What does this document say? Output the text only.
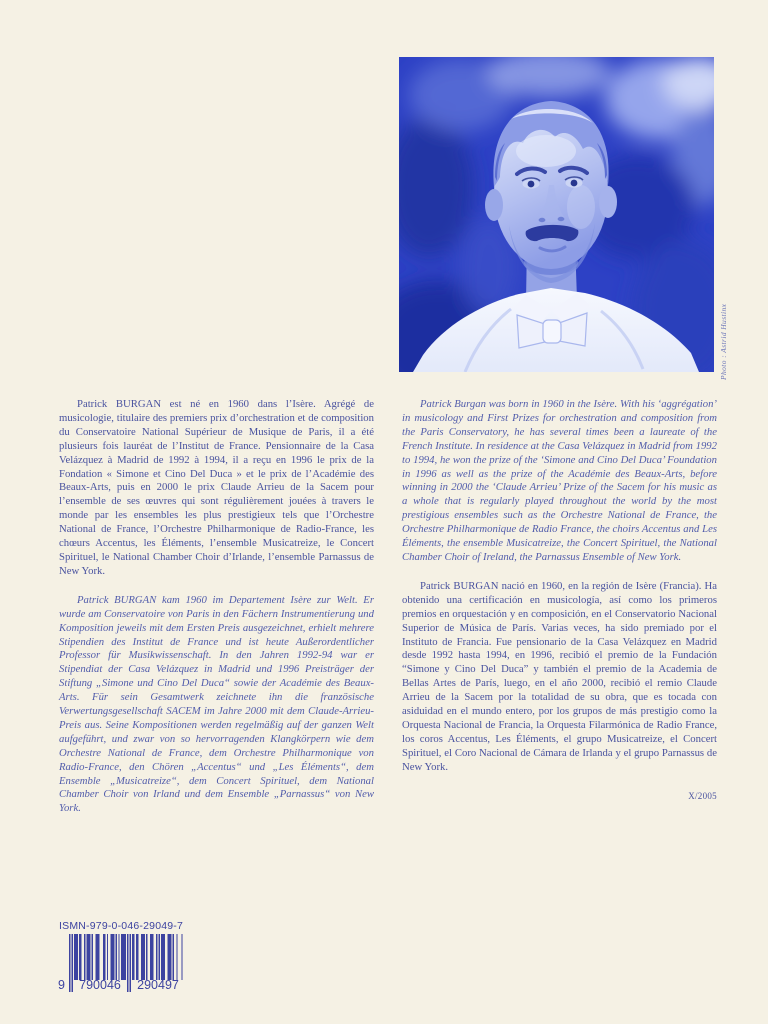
Photo : Astrid Hustinx

Patrick BURGAN est né en 1960 dans l’Isère. Agrégé de musicologie, titulaire des premiers prix d’orchestration et de composition du Conservatoire National Supérieur de Musique de Paris, il a été plusieurs fois lauréat de l’Institut de France. Pensionnaire de la Casa Velázquez à Madrid de 1992 à 1994, il a reçu en 1996 le prix de la Fondation « Simone et Cino Del Duca » et le prix de l’Académie des Beaux-Arts, puis en 2000 le prix Claude Arrieu de la Sacem pour l’ensemble de ses œuvres qui sont régulièrement jouées à travers le monde par les ensembles les plus prestigieux tels que l’Orchestre National de France, l’Orchestre Philharmonique de Radio-France, les chœurs Accentus, les Éléments, l’ensemble Musicatreize, le Concert Spirituel, le National Chamber Choir d’Irlande, l’ensemble Parnassus de New York.

Patrick BURGAN kam 1960 im Departement Isère zur Welt. Er wurde am Conservatoire von Paris in den Fächern Instrumentierung und Komposition jeweils mit dem Ersten Preis ausgezeichnet, erhielt mehrere Stipendien des Institut de France und ist heute Außerordentlicher Professor für Musikwissenschaft. In den Jahren 1992-94 war er Stipendiat der Casa Velázquez in Madrid und 1996 Preisträger der Stiftung „Simone und Cino Del Duca“ sowie der Académie des Beaux-Arts. Für sein Gesamtwerk zeichnete ihn die französische Verwertungsgesellschaft SACEM im Jahre 2000 mit dem Claude-Arrieu-Preis aus. Seine Kompositionen werden regelmäßig auf der ganzen Welt aufgeführt, und zwar von so hervorragenden Klangkörpern wie dem Orchestre National de France, dem Orchestre Philharmonique von Radio-France, den Chören „Accentus“ und „Les Éléments“, dem Ensemble „Musicatreize“, dem Concert Spirituel, dem National Chamber Choir von Irland und dem Ensemble „Parnassus“ von New York.

Patrick Burgan was born in 1960 in the Isère. With his ‘aggrégation’ in musicology and First Prizes for orchestration and composition from the Paris Conservatory, he has several times been a laureate of the French Institute. In residence at the Casa Velázquez in Madrid from 1992 to 1994, he won the prize of the ‘Simone and Cino Del Duca’ Foundation in 1996 as well as the prize of the Académie des Beaux-Arts, before winning in 2000 the ‘Claude Arrieu’ Prize of the Sacem for his music as a whole that is regularly played throughout the world by the most prestigious ensembles such as the Orchestre National de France, the Orchestre Philharmonique de Radio France, the choirs Accentus and Les Éléments, the ensemble Musicatreize, the Concert Spirituel, the National Chamber Choir of Ireland, the Parnassus Ensemble of New York.

Patrick BURGAN nació en 1960, en la región de Isère (Francia). Ha obtenido una certificación en musicología, así como los primeros premios en orquestación y en composición, en el Conservatorio Nacional Superior de Música de París. Varias veces, ha sido premiado por el Instituto de Francia. Fue pensionario de la Casa Velázquez en Madrid desde 1992 hasta 1994, en 1996, recibió el premio de la Fundación “Simone y Cino Del Duca” y también el premio de la Academia de Bellas Artes de París, luego, en el año 2000, recibió el remio Claude Arrieu de la Sacem por la totalidad de su obra, que es tocada con asiduidad en el mundo entero, por los grupos de más prestigio como la Orquesta Nacional de Francia, la Orquesta Filarmónica de Radio France, los coros Accentus, Les Éléments, el grupo Musicatreize, el Concert Spirituel, el Coro Nacional de Cámara de Irlanda y el grupo Parnassus de New York.

X/2005
ISMN-979-0-046-29049-7
9	790046	290497
